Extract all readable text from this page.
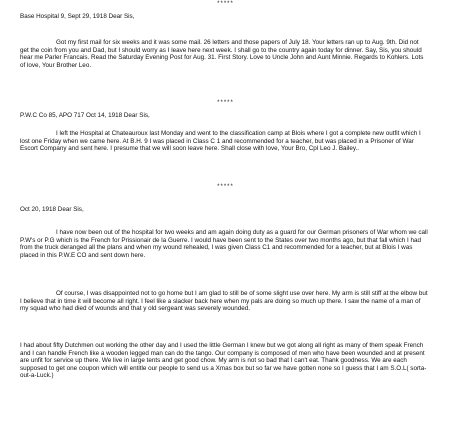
*****
Base Hospital 9, Sept 29, 1918 Dear Sis,

Got my first mail for six weeks and it was some mail. 26 letters and those papers of July 18. Your letters ran up to Aug. 9th. Did not get the coin from you and Dad, but I should worry as I leave here next week. I shall go to the country again today for dinner. Say, Sis, you should hear me Parler Francais. Read the Saturday Evening Post for Aug. 31. First Story. Love to Uncle John and Aunt Minnie. Regards to Kohlers. Lots of love, Your Brother Leo.

*****
P.W.C Co 85, APO 717 Oct 14, 1918 Dear Sis,

I left the Hospital at Chateauroux last Monday and went to the classification camp at Blois where I got a complete new outfit which I lost one Friday when we came here. At B.H. 9 I was placed in Class C 1 and recommended for a teacher, but was placed in a Prisoner of War Escort Company and sent here. I presume that we will soon leave here. Shall close with love, Your Bro, Cpl Leo J. Bailey..

*****
Oct 20, 1918 Dear Sis,

I have now been out of the hospital for two weeks and am again doing duty as a guard for our German prisoners of War whom we call P.W's or P.G which is the French for Prissionair de la Guerre. I would have been sent to the States over two months ago, but that fall which I had from the truck deranged all the plans and when my wound rehealed, I was given Class C1 and recommended for a teacher, but at Blois I was placed in this P.W.E CO and sent down here.

Of course, I was disappointed not to go home but I am glad to still be of some slight use over here. My arm is still stiff at the elbow but I believe that in time it will become all right. I feel like a slacker back here when my pals are doing so much up there. I saw the name of a man of my squad who had died of wounds and that y old sergeant was severely wounded.

I had about fifty Dutchmen out working the other day and I used the little German I knew but we got along all right as many of them speak French and I can handle French like a wooden legged man can do the tango. Our company is composed of men who have been wounded and at present are unfit for service up there. We live in large tents and get good chow. My arm is not so bad that I can't eat. Thank goodness. We are each supposed to get one coupon which will entitle our people to send us a Xmas box but so far we have gotten none so I guess that I am S.O.L( sorta-out-a-Luck.)
